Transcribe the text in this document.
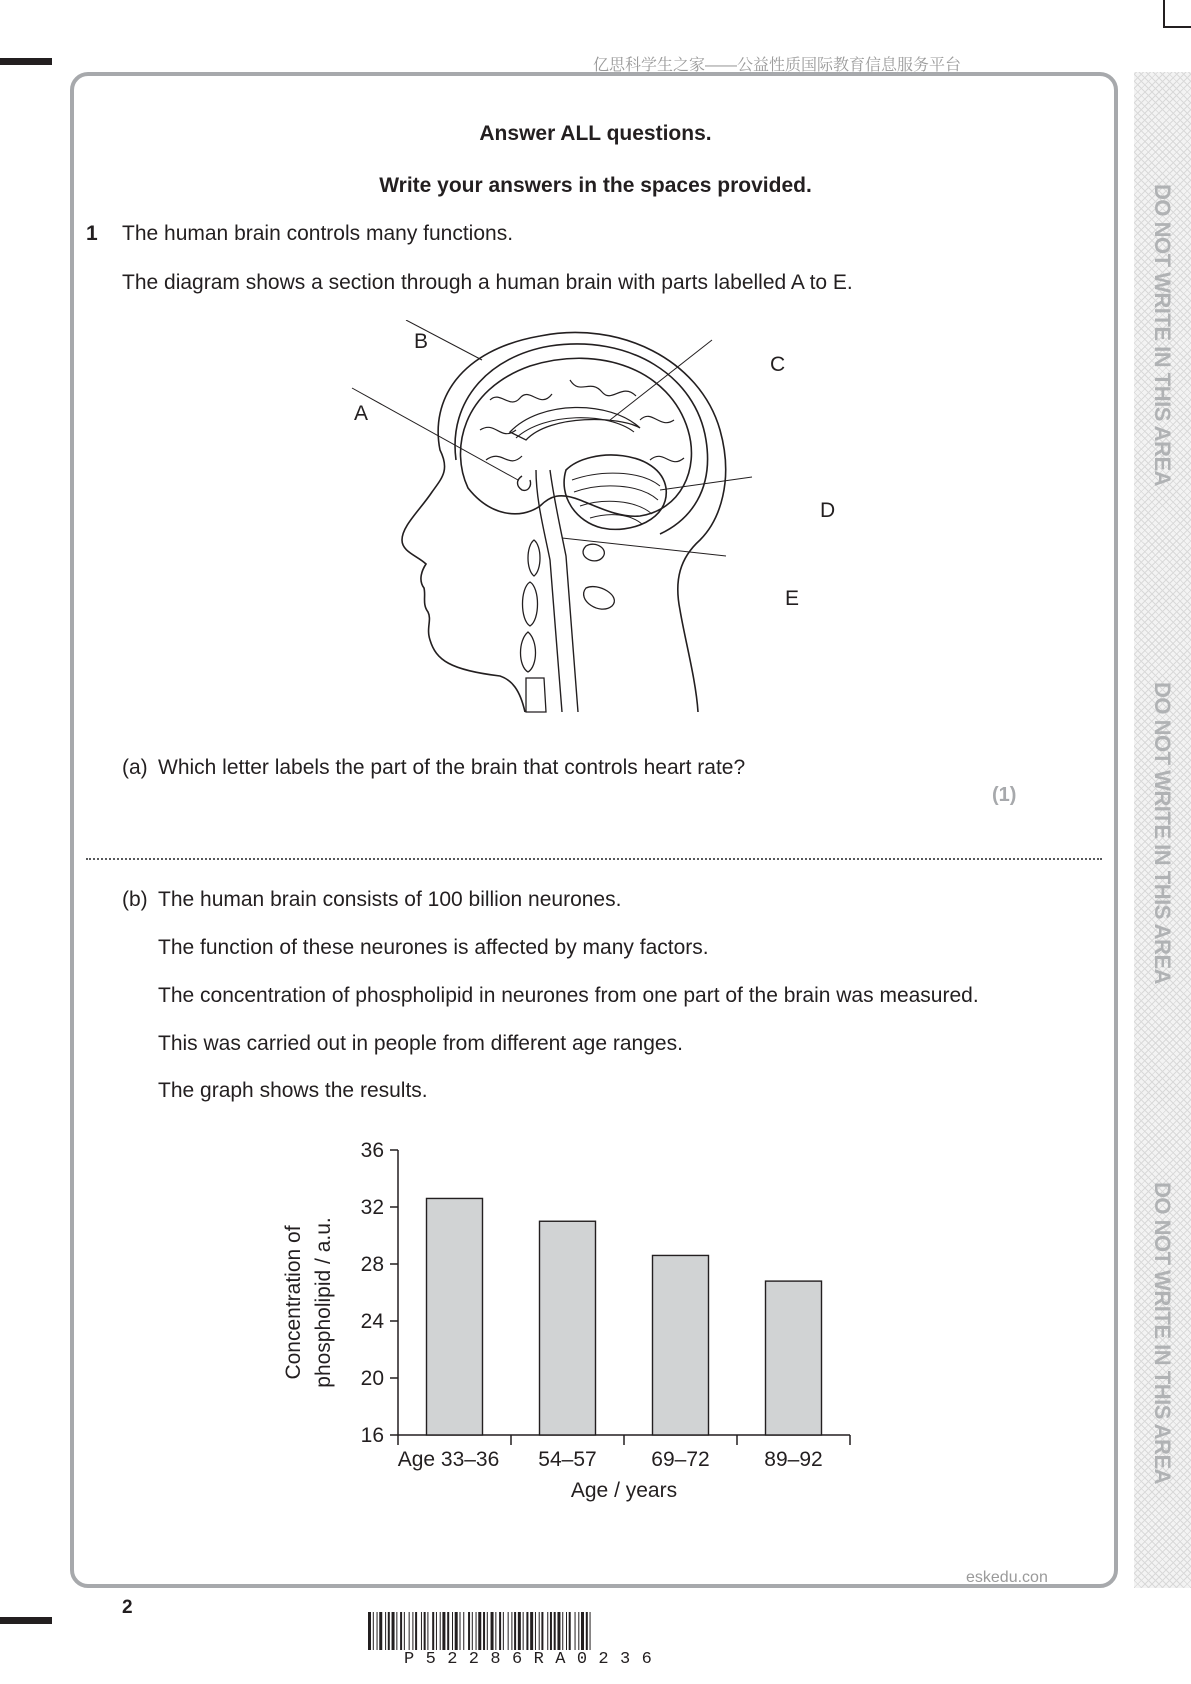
亿思科学生之家——公益性质国际教育信息服务平台
DO NOT WRITE IN THIS AREA
DO NOT WRITE IN THIS AREA
DO NOT WRITE IN THIS AREA
Answer ALL questions.
Write your answers in the spaces provided.
1 The human brain controls many functions.
The diagram shows a section through a human brain with parts labelled A to E.
A
B
C
D
E
(a) Which letter labels the part of the brain that controls heart rate?
(1)
(b) The human brain consists of 100 billion neurones.
The function of these neurones is affected by many factors.
The concentration of phospholipid in neurones from one part of the brain was measured.
This was carried out in people from different age ranges.
The graph shows the results.
16
20
24
28
32
36
Age 33–36 54–57	69–72	89–92
Age / years
Concentration of phospholipid / a.u.
2
eskedu.con
P52286RA0236
